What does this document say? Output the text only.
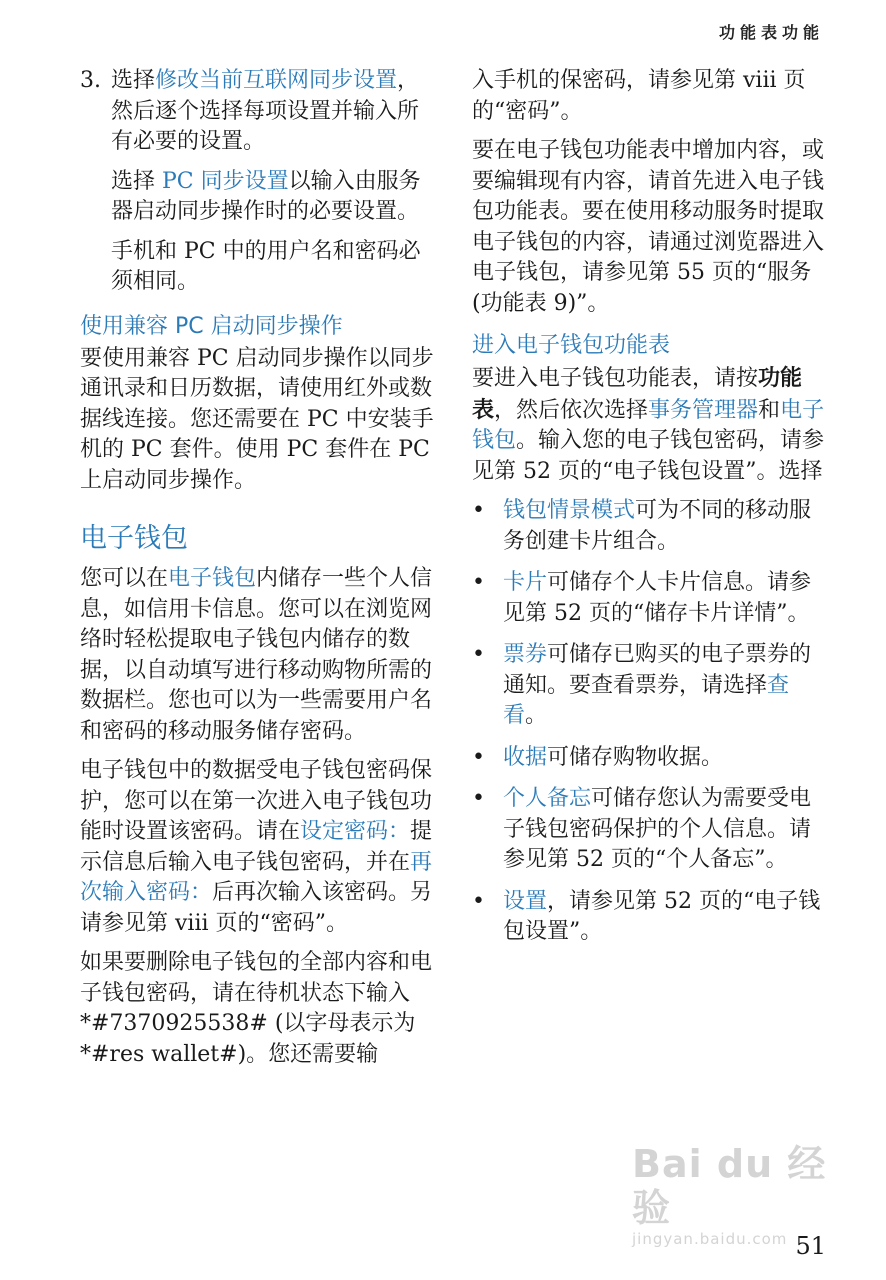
功能表功能

3. 选择修改当前互联网同步设置，然后逐个选择每项设置并输入所有必要的设置。

选择 PC 同步设置以输入由服务器启动同步操作时的必要设置。

手机和 PC 中的用户名和密码必须相同。

使用兼容 PC 启动同步操作

要使用兼容 PC 启动同步操作以同步通讯录和日历数据，请使用红外或数据线连接。您还需要在 PC 中安装手机的 PC 套件。使用 PC 套件在 PC 上启动同步操作。

电子钱包

您可以在电子钱包内储存一些个人信息，如信用卡信息。您可以在浏览网络时轻松提取电子钱包内储存的数据，以自动填写进行移动购物所需的数据栏。您也可以为一些需要用户名和密码的移动服务储存密码。

电子钱包中的数据受电子钱包密码保护，您可以在第一次进入电子钱包功能时设置该密码。请在设定密码：提示信息后输入电子钱包密码，并在再次输入密码：后再次输入该密码。另请参见第 viii 页的“密码”。

如果要删除电子钱包的全部内容和电子钱包密码，请在待机状态下输入 *#7370925538# (以字母表示为 *#res wallet#)。您还需要输

入手机的保密码，请参见第 viii 页的“密码”。

要在电子钱包功能表中增加内容，或要编辑现有内容，请首先进入电子钱包功能表。要在使用移动服务时提取电子钱包的内容，请通过浏览器进入电子钱包，请参见第 55 页的“服务 (功能表 9)”。

进入电子钱包功能表

要进入电子钱包功能表，请按功能表，然后依次选择事务管理器和电子钱包。输入您的电子钱包密码，请参见第 52 页的“电子钱包设置”。选择

• 钱包情景模式可为不同的移动服务创建卡片组合。
• 卡片可储存个人卡片信息。请参见第 52 页的“储存卡片详情”。
• 票券可储存已购买的电子票券的通知。要查看票券，请选择查看。
• 收据可储存购物收据。
• 个人备忘可储存您认为需要受电子钱包密码保护的个人信息。请参见第 52 页的“个人备忘”。
• 设置，请参见第 52 页的“电子钱包设置”。
Bai du 经验
jingyan.baidu.com 51
